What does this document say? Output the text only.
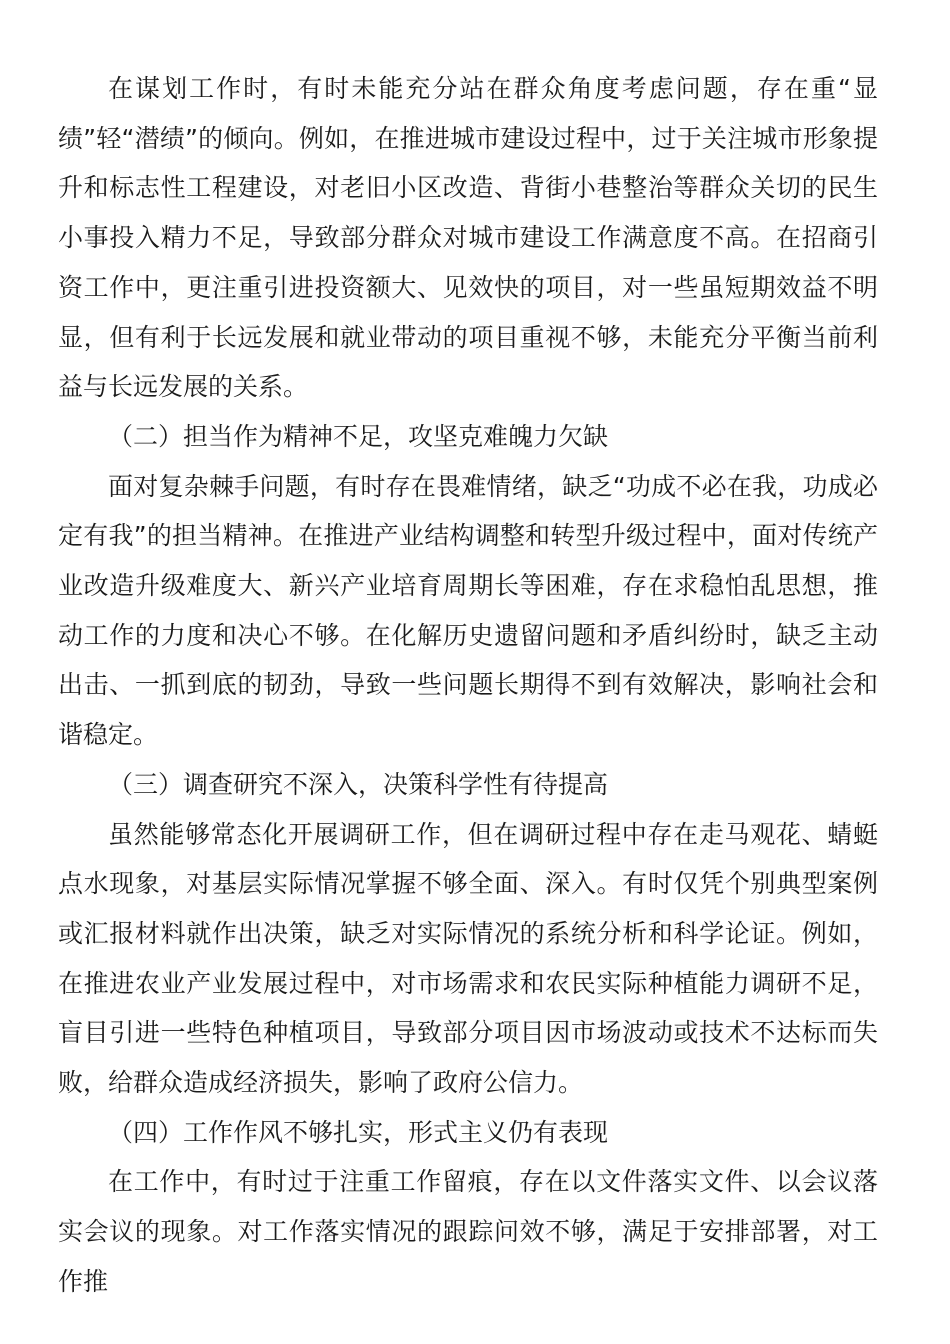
在谋划工作时，有时未能充分站在群众角度考虑问题，存在重“显绩”轻“潜绩”的倾向。例如，在推进城市建设过程中，过于关注城市形象提升和标志性工程建设，对老旧小区改造、背街小巷整治等群众关切的民生小事投入精力不足，导致部分群众对城市建设工作满意度不高。在招商引资工作中，更注重引进投资额大、见效快的项目，对一些虽短期效益不明显，但有利于长远发展和就业带动的项目重视不够，未能充分平衡当前利益与长远发展的关系。

（二）担当作为精神不足，攻坚克难魄力欠缺

面对复杂棘手问题，有时存在畏难情绪，缺乏“功成不必在我，功成必定有我”的担当精神。在推进产业结构调整和转型升级过程中，面对传统产业改造升级难度大、新兴产业培育周期长等困难，存在求稳怕乱思想，推动工作的力度和决心不够。在化解历史遗留问题和矛盾纠纷时，缺乏主动出击、一抓到底的韧劲，导致一些问题长期得不到有效解决，影响社会和谐稳定。

（三）调查研究不深入，决策科学性有待提高

虽然能够常态化开展调研工作，但在调研过程中存在走马观花、蜻蜓点水现象，对基层实际情况掌握不够全面、深入。有时仅凭个别典型案例或汇报材料就作出决策，缺乏对实际情况的系统分析和科学论证。例如，在推进农业产业发展过程中，对市场需求和农民实际种植能力调研不足，盲目引进一些特色种植项目，导致部分项目因市场波动或技术不达标而失败，给群众造成经济损失，影响了政府公信力。

（四）工作作风不够扎实，形式主义仍有表现

在工作中，有时过于注重工作留痕，存在以文件落实文件、以会议落实会议的现象。对工作落实情况的跟踪问效不够，满足于安排部署，对工作推
